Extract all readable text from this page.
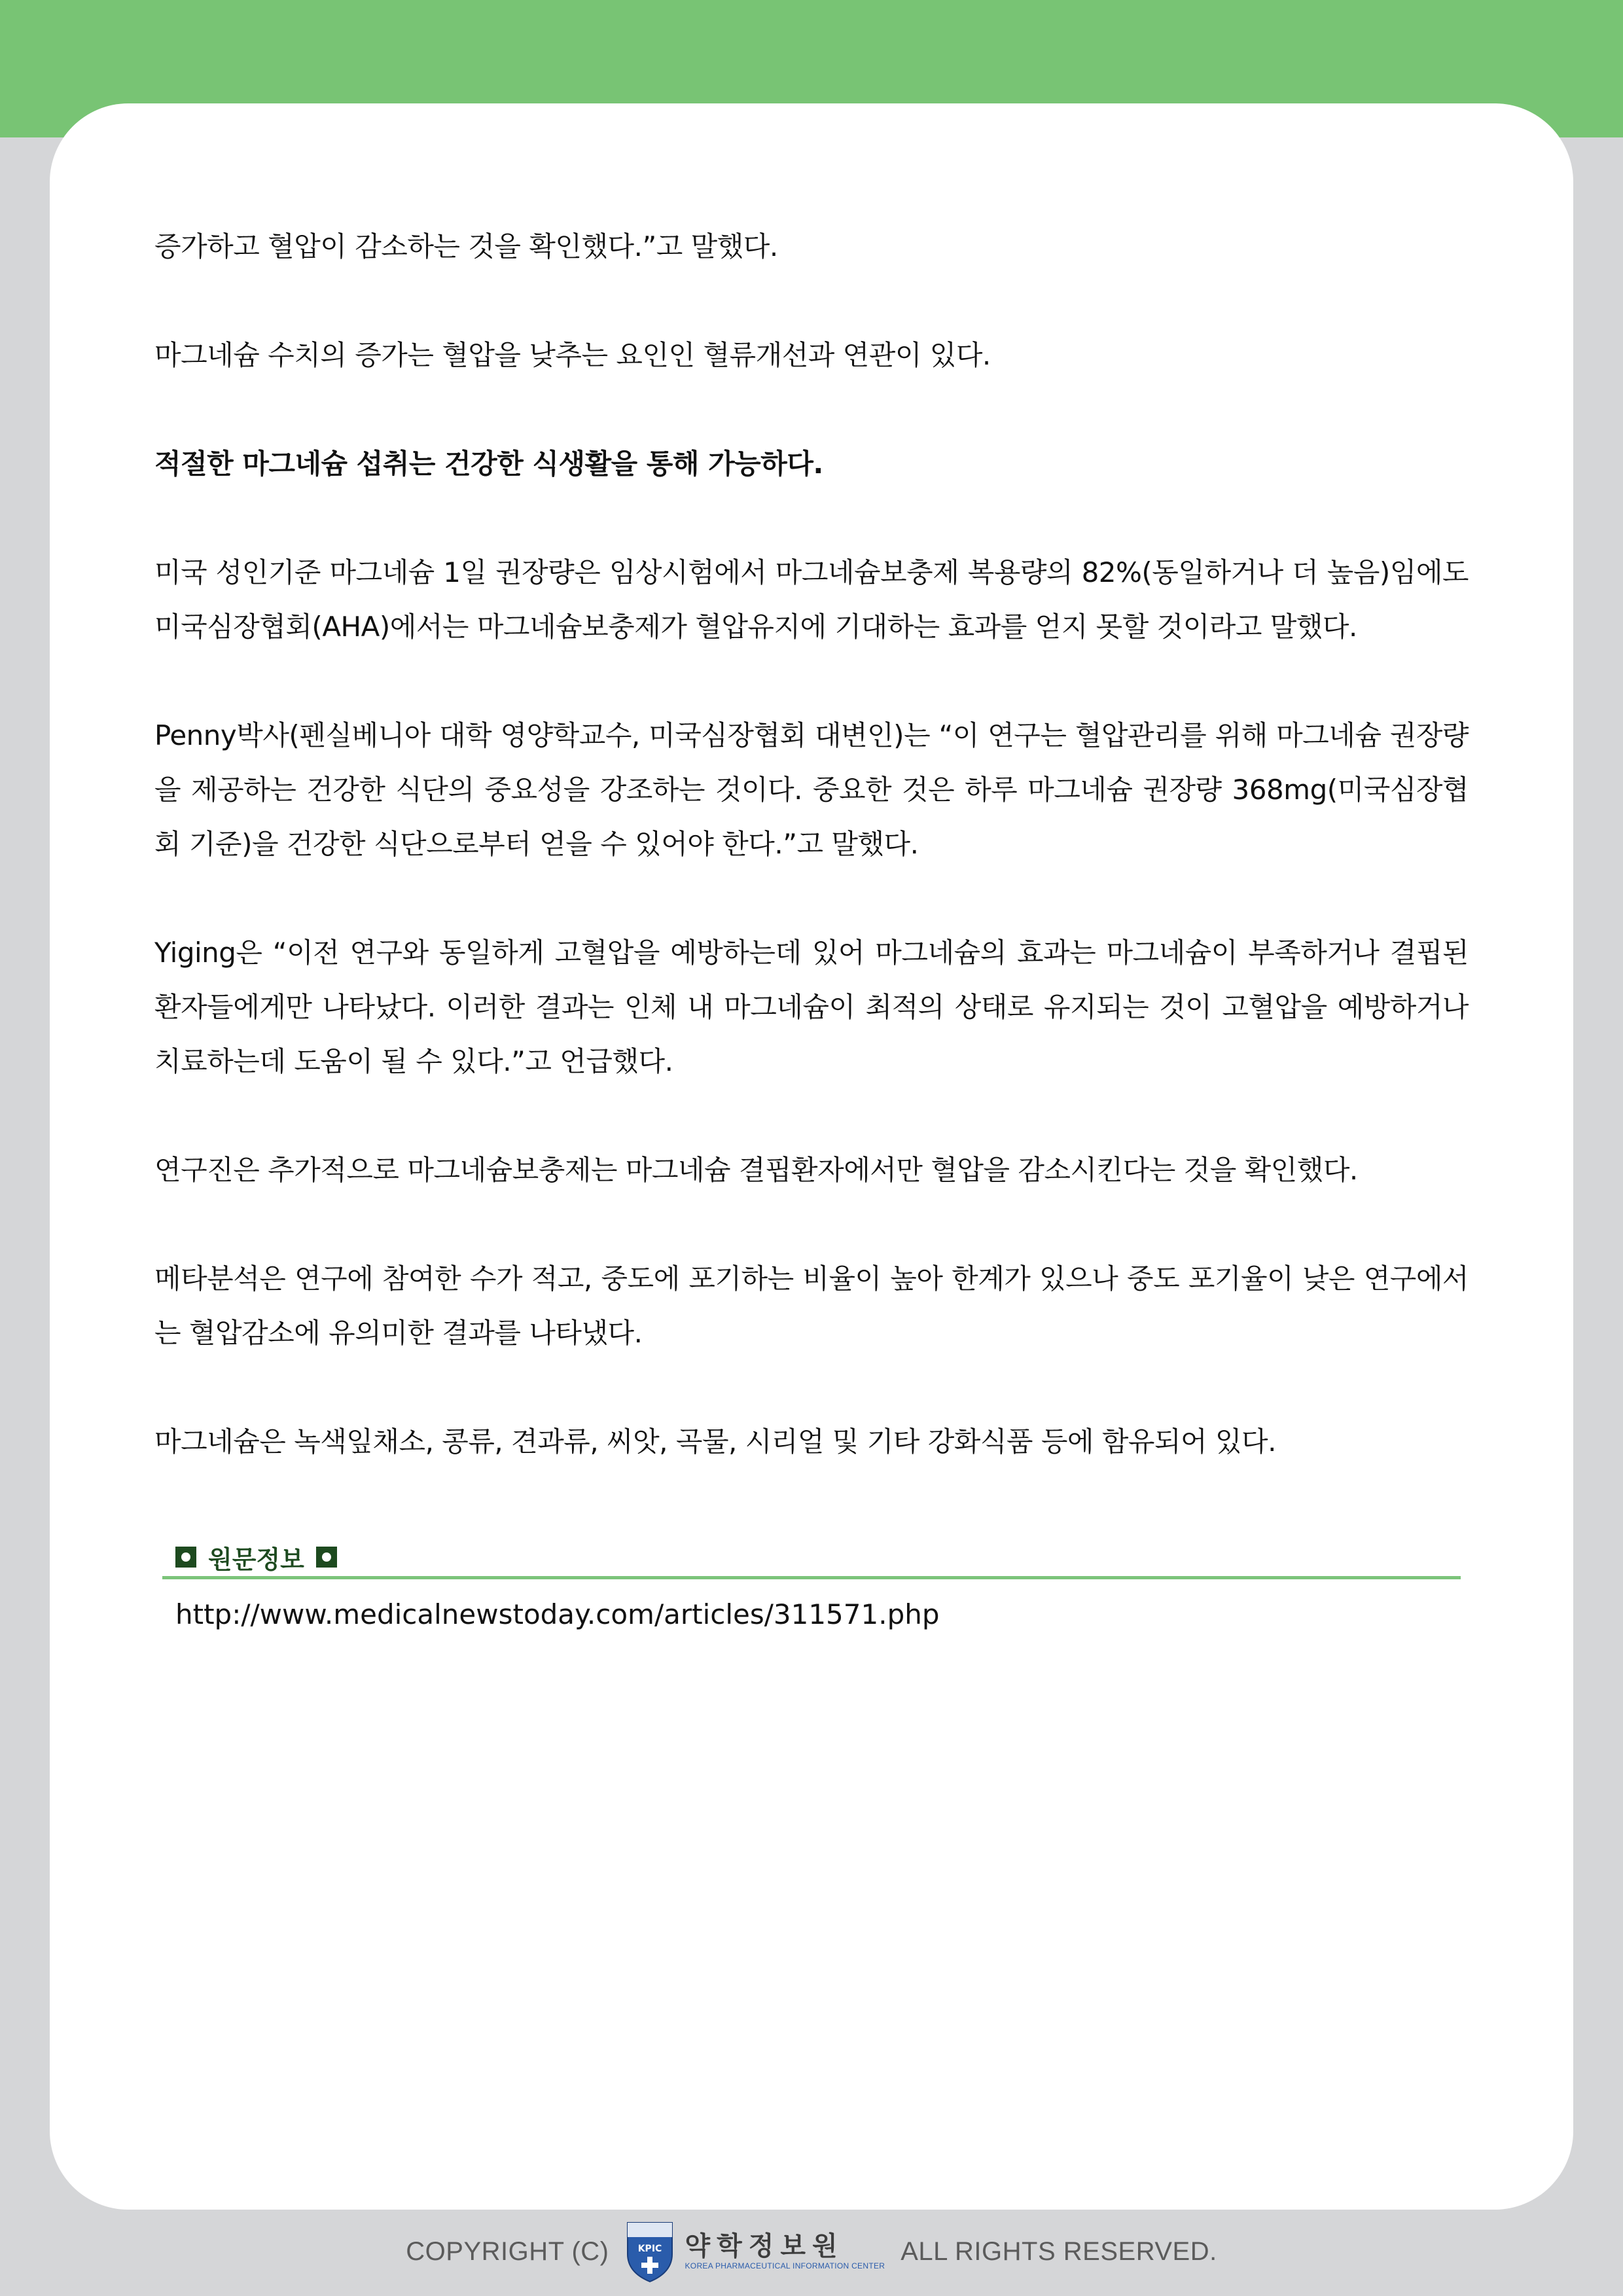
증가하고 혈압이 감소하는 것을 확인했다.”고 말했다.

마그네슘 수치의 증가는 혈압을 낮추는 요인인 혈류개선과 연관이 있다.

적절한 마그네슘 섭취는 건강한 식생활을 통해 가능하다.

미국 성인기준 마그네슘 1일 권장량은 임상시험에서 마그네슘보충제 복용량의 82%(동일하거나 더 높음)임에도 미국심장협회(AHA)에서는 마그네슘보충제가 혈압유지에 기대하는 효과를 얻지 못할 것이라고 말했다.

Penny박사(펜실베니아 대학 영양학교수, 미국심장협회 대변인)는 “이 연구는 혈압관리를 위해 마그네슘 권장량을 제공하는 건강한 식단의 중요성을 강조하는 것이다. 중요한 것은 하루 마그네슘 권장량 368mg(미국심장협회 기준)을 건강한 식단으로부터 얻을 수 있어야 한다.”고 말했다.

Yiging은 “이전 연구와 동일하게 고혈압을 예방하는데 있어 마그네슘의 효과는 마그네슘이 부족하거나 결핍된 환자들에게만 나타났다. 이러한 결과는 인체 내 마그네슘이 최적의 상태로 유지되는 것이 고혈압을 예방하거나 치료하는데 도움이 될 수 있다.”고 언급했다.

연구진은 추가적으로 마그네슘보충제는 마그네슘 결핍환자에서만 혈압을 감소시킨다는 것을 확인했다.

메타분석은 연구에 참여한 수가 적고, 중도에 포기하는 비율이 높아 한계가 있으나 중도 포기율이 낮은 연구에서는 혈압감소에 유의미한 결과를 나타냈다.

마그네슘은 녹색잎채소, 콩류, 견과류, 씨앗, 곡물, 시리얼 및 기타 강화식품 등에 함유되어 있다.

원문정보
http://www.medicalnewstoday.com/articles/311571.php
COPYRIGHT (C)	KPIC 약학정보원
KOREA PHARMACEUTICAL INFORMATION CENTER
ALL RIGHTS RESERVED.
